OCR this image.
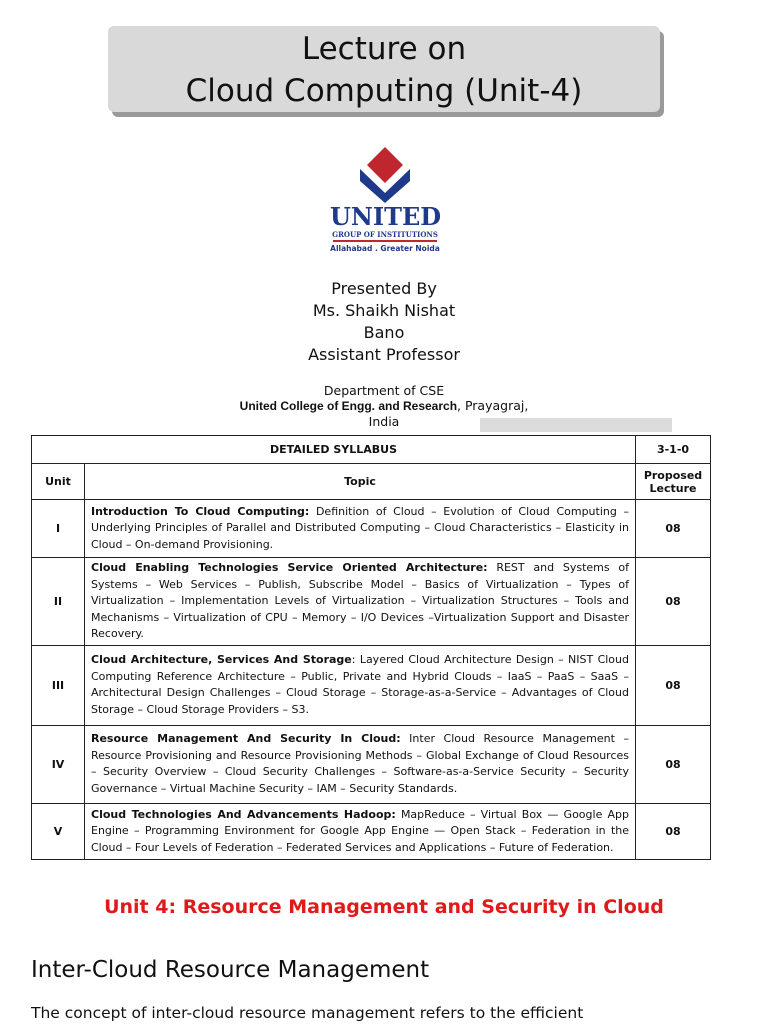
Lecture on
Cloud Computing (Unit-4)
UNITED
GROUP OF INSTITUTIONS
Allahabad . Greater Noida
Presented By
Ms. Shaikh Nishat
Bano
Assistant Professor
Department of CSE
United College of Engg. and Research, Prayagraj,
India
DETAILED SYLLABUS		3-1-0
Unit	Topic	Proposed Lecture
I	Introduction To Cloud Computing: Definition of Cloud – Evolution of Cloud Computing – Underlying Principles of Parallel and Distributed Computing – Cloud Characteristics – Elasticity in Cloud – On-demand Provisioning.	08
II	Cloud Enabling Technologies Service Oriented Architecture: REST and Systems of Systems – Web Services – Publish, Subscribe Model – Basics of Virtualization – Types of Virtualization – Implementation Levels of Virtualization – Virtualization Structures – Tools and Mechanisms – Virtualization of CPU – Memory – I/O Devices –Virtualization Support and Disaster Recovery.	08
III	Cloud Architecture, Services And Storage: Layered Cloud Architecture Design – NIST Cloud Computing Reference Architecture – Public, Private and Hybrid Clouds – IaaS – PaaS – SaaS – Architectural Design Challenges – Cloud Storage – Storage-as-a-Service – Advantages of Cloud Storage – Cloud Storage Providers – S3.	08
IV	Resource Management And Security In Cloud: Inter Cloud Resource Management – Resource Provisioning and Resource Provisioning Methods – Global Exchange of Cloud Resources – Security Overview – Cloud Security Challenges – Software-as-a-Service Security – Security Governance – Virtual Machine Security – IAM – Security Standards.	08
V	Cloud Technologies And Advancements Hadoop: MapReduce – Virtual Box — Google App Engine – Programming Environment for Google App Engine — Open Stack – Federation in the Cloud – Four Levels of Federation – Federated Services and Applications – Future of Federation.	08
Unit 4: Resource Management and Security in Cloud
Inter-Cloud Resource Management
The concept of inter-cloud resource management refers to the efficient
